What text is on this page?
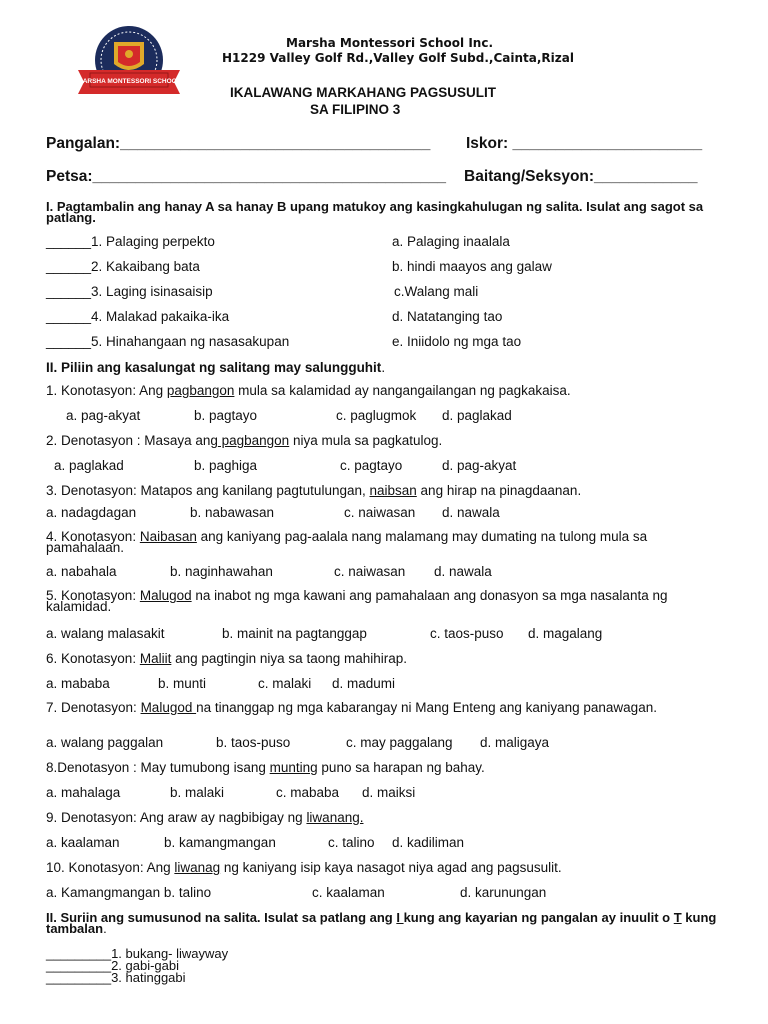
MARSHA MONTESSORI SCHOOL
Marsha Montessori School Inc.
H1229 Valley Golf Rd.,Valley Golf Subd.,Cainta,Rizal
IKALAWANG MARKAHANG PAGSUSULIT
SA FILIPINO 3
Pangalan:____________________________________ Iskor: ______________________
Petsa:_________________________________________ Baitang/Seksyon:____________
I. Pagtambalin ang hanay A sa hanay B upang matukoy ang kasingkahulugan ng salita. Isulat ang sagot sa patlang.
______1. Palaging perpekto
______2. Kakaibang bata
______3. Laging isinasaisip
______4. Malakad pakaika-ika
______5. Hinahangaan ng nasasakupan
a. Palaging inaalala
b. hindi maayos ang galaw
c.Walang mali
d. Natatanging tao
e. Iniidolo ng mga tao
II. Piliin ang kasalungat ng salitang may salungguhit.
1. Konotasyon: Ang pagbangon mula sa kalamidad ay nangangailangan ng pagkakaisa.
a. pag-akyat	b. pagtayo	c. paglugmok d. paglakad
2. Denotasyon : Masaya ang pagbangon niya mula sa pagkatulog.
a. paglakad	b. paghiga	c. pagtayo	d. pag-akyat
3. Denotasyon: Matapos ang kanilang pagtutulungan, naibsan ang hirap na pinagdaanan.
a. nadagdagan	b. nabawasan	c. naiwasan d. nawala
4. Konotasyon: Naibasan ang kaniyang pag-aalala nang malamang may dumating na tulong mula sa pamahalaan.
a. nabahala	b. naginhawahan	c. naiwasan d. nawala
5. Konotasyon: Malugod na inabot ng mga kawani ang pamahalaan ang donasyon sa mga nasalanta ng kalamidad.
a. walang malasakit	b. mainit na pagtanggap	c. taos-puso d. magalang
6. Konotasyon: Maliit ang pagtingin niya sa taong mahihirap.
a. mababa	b. munti	c. malaki d. madumi
7. Denotasyon: Malugod na tinanggap ng mga kabarangay ni Mang Enteng ang kaniyang panawagan.
a. walang paggalan	b. taos-puso	c. may paggalang d. maligaya
8.Denotasyon : May tumubong isang munting puno sa harapan ng bahay.
a. mahalaga	b. malaki	c. mababa d. maiksi
9. Denotasyon: Ang araw ay nagbibigay ng liwanang.
a. kaalaman	b. kamangmangan	c. talino d. kadiliman
10. Konotasyon: Ang liwanag ng kaniyang isip kaya nasagot niya agad ang pagsusulit.
a. Kamangmangan b. talino	c. kaalaman	d. karunungan
II. Suriin ang sumusunod na salita. Isulat sa patlang ang I kung ang kayarian ng pangalan ay inuulit o T kung tambalan.
_________1. bukang- liwayway
_________2. gabi-gabi
_________3. hatinggabi
